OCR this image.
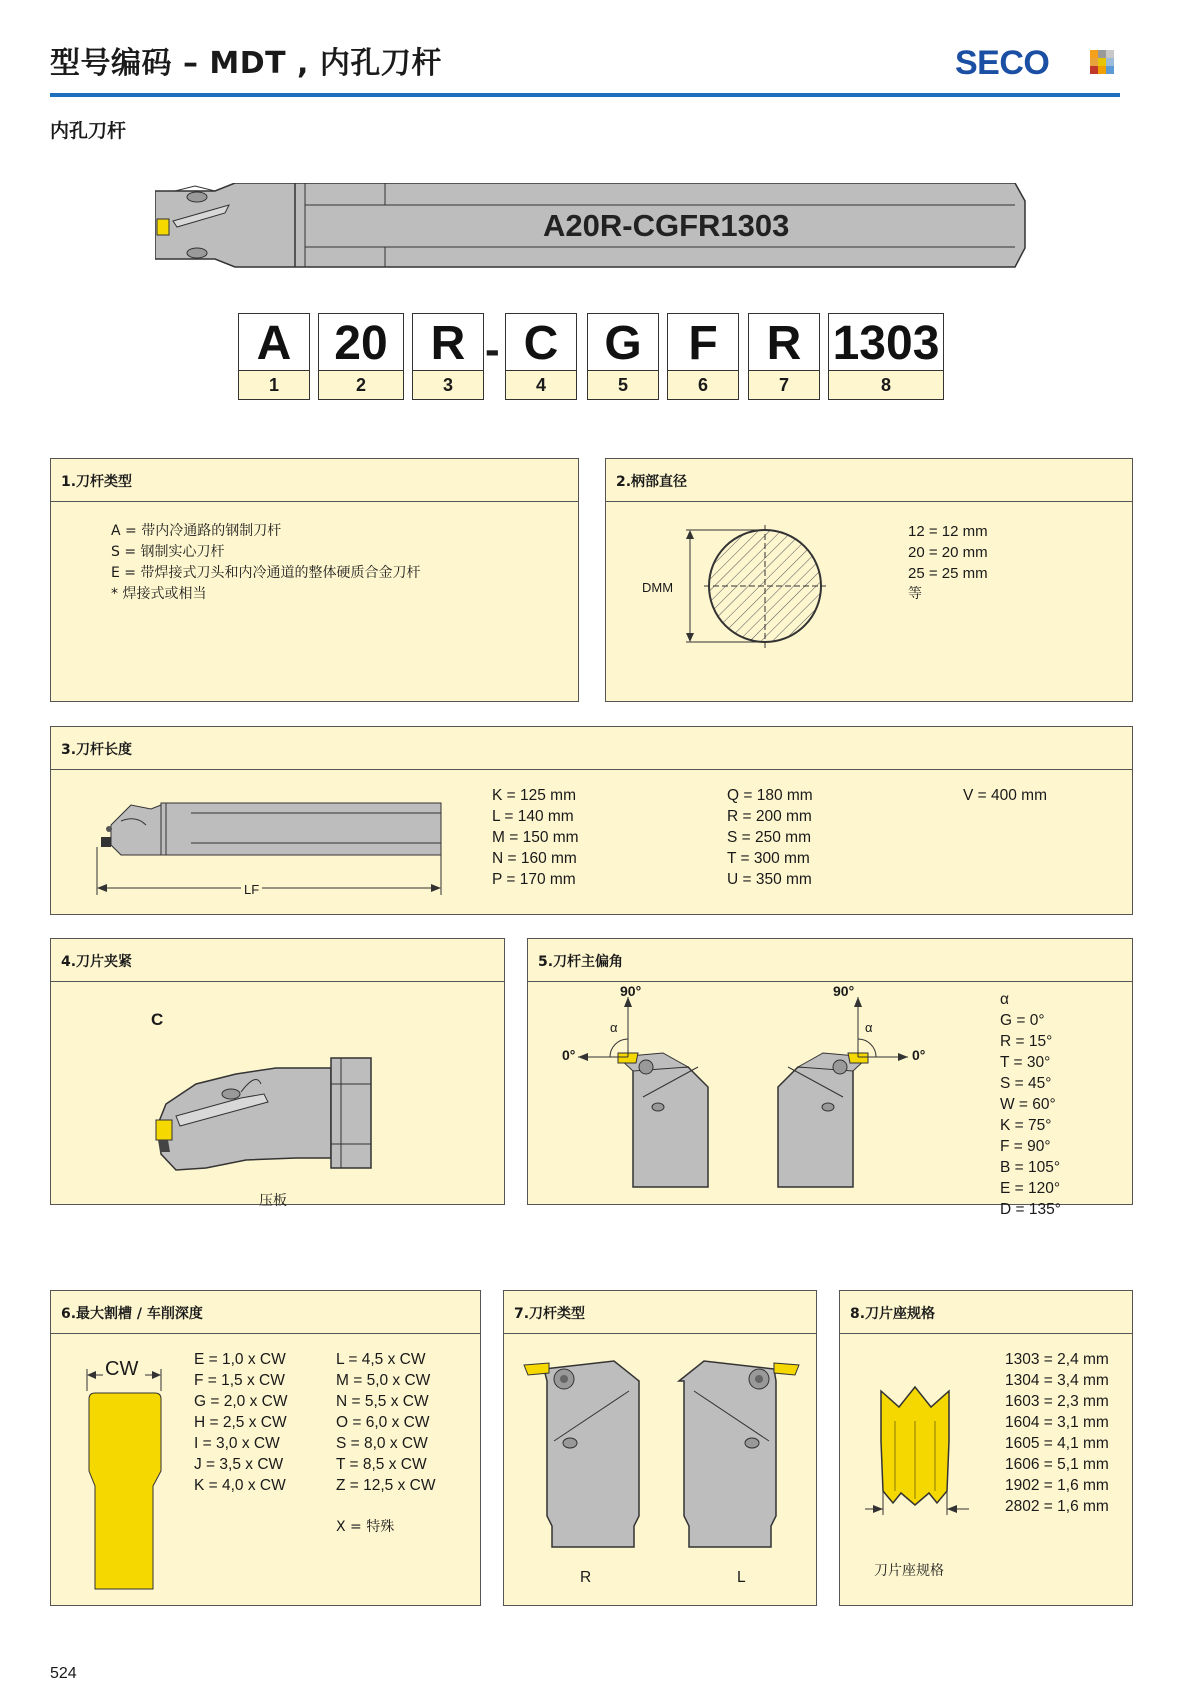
型号编码 – MDT , 内孔刀杆	SECO
内孔刀杆
A20R-CGFR1303
A
1
20
2
R
3
- C
4
G
5
F
6
R
7
1303
8
1.刀杆类型
A = 带内冷通路的钢制刀杆
S = 钢制实心刀杆
E = 带焊接式刀头和内冷通道的整体硬质合金刀杆
* 焊接式或相当
2.柄部直径
DMM
12 = 12 mm
20 = 20 mm
25 = 25 mm
等
3.刀杆长度
LF
K = 125 mm
L = 140 mm
M = 150 mm
N = 160 mm
P = 170 mm
Q = 180 mm
R = 200 mm
S = 250 mm
T = 300 mm
U = 350 mm
V = 400 mm
4.刀片夹紧
C
压板
5.刀杆主偏角
90°	90°
0°	0°
α	α
α
G = 0°
R = 15°
T = 30°
S = 45°
W = 60°
K = 75°
F = 90°
B = 105°
E = 120°
D = 135°
6.最大割槽 / 车削深度
CW	E = 1,0 x CW
F = 1,5 x CW
G = 2,0 x CW
H = 2,5 x CW
I = 3,0 x CW
J = 3,5 x CW
K = 4,0 x CW
L = 4,5 x CW
M = 5,0 x CW
N = 5,5 x CW
O = 6,0 x CW
S = 8,0 x CW
T = 8,5 x CW
Z = 12,5 x CW
X = 特殊
7.刀杆类型
R	L
8.刀片座规格
1303 = 2,4 mm
1304 = 3,4 mm
1603 = 2,3 mm
1604 = 3,1 mm
1605 = 4,1 mm
1606 = 5,1 mm
1902 = 1,6 mm
2802 = 1,6 mm
刀片座规格
524
